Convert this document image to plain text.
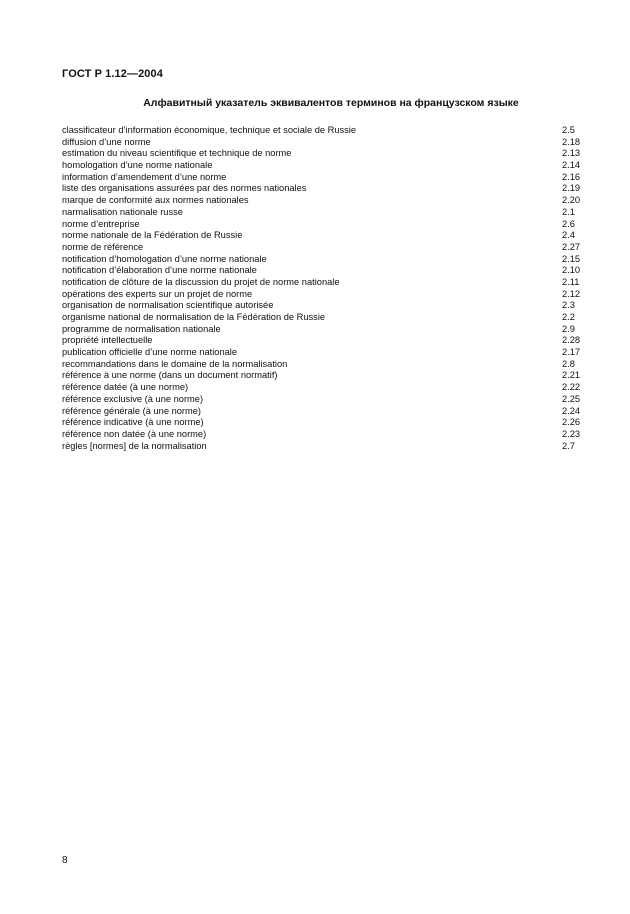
ГОСТ Р 1.12—2004
Алфавитный указатель эквивалентов терминов на французском языке
classificateur d’information économique, technique et sociale de Russie	2.5
diffusion d’une norme	2.18
estimation du niveau scientifique et technique de norme	2.13
homologation d’une norme nationale	2.14
information d’amendement d’une norme	2.16
liste des organisations assurées par des normes nationales	2.19
marque de conformité aux normes nationales	2.20
narmalisation nationale russe	2.1
norme d’entreprise	2.6
norme nationale de la Fédération de Russie	2.4
norme de référence	2.27
notification d’homologation d’une norme nationale	2.15
notification d’élaboration d’une norme nationale	2.10
notification de clôture de la discussion du projet de norme nationale	2.11
opérations des experts sur un projet de norme	2.12
organisation de normalisation scientifique autorisée	2.3
organisme national de normalisation de la Fédération de Russie	2.2
programme de normalisation nationale	2.9
propriété intellectuelle	2.28
publication officielle d’une norme nationale	2.17
recommandations dans le domaine de la normalisation	2.8
référence à une norme (dans un document normatif)	2.21
référence datée (à une norme)	2.22
référence exclusive (à une norme)	2.25
référence générale (à une norme)	2.24
référence indicative (à une norme)	2.26
référence non datée (à une norme)	2.23
règles [normes] de la normalisation	2.7
8
